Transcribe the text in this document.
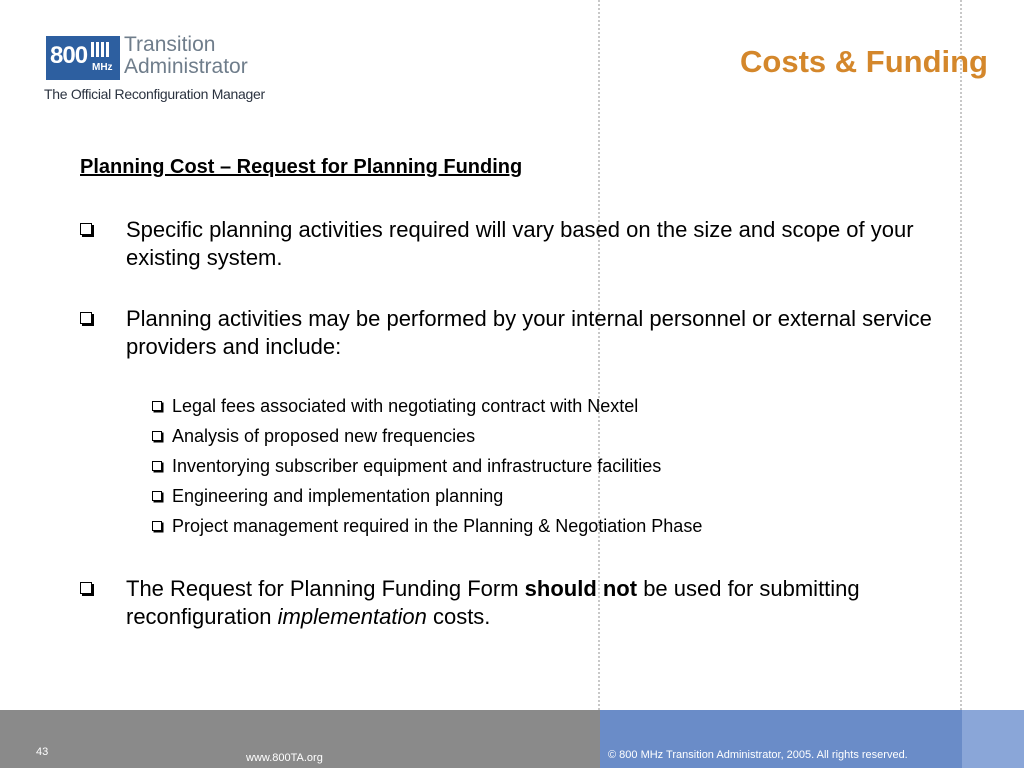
800 MHz
Transition
Administrator
The Official Reconfiguration Manager
Costs & Funding
Planning Cost – Request for Planning Funding
Specific planning activities required will vary based on the size and scope of your existing system.
Planning activities may be performed by your internal personnel or external service providers and include:
Legal fees associated with negotiating contract with Nextel
Analysis of proposed new frequencies
Inventorying subscriber equipment and infrastructure facilities
Engineering and implementation planning
Project management required in the Planning & Negotiation Phase
The Request for Planning Funding Form should not be used for submitting reconfiguration implementation costs.
43	www.800TA.org	© 800 MHz Transition Administrator, 2005. All rights reserved.
